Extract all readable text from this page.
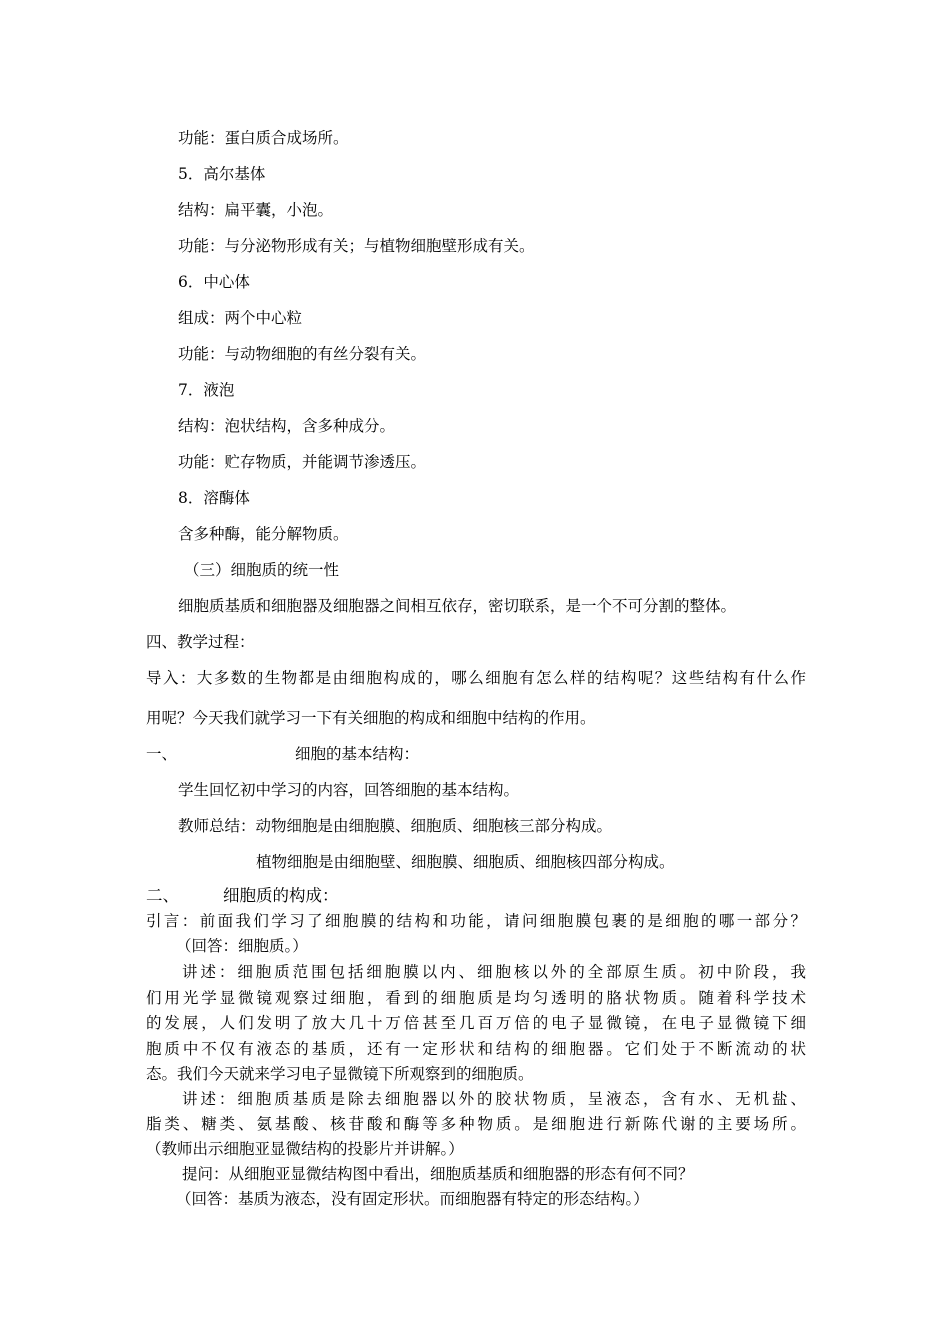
功能：蛋白质合成场所。
5．高尔基体
结构：扁平囊，小泡。
功能：与分泌物形成有关；与植物细胞壁形成有关。
6．中心体
组成：两个中心粒
功能：与动物细胞的有丝分裂有关。
7．液泡
结构：泡状结构，含多种成分。
功能：贮存物质，并能调节渗透压。
8．溶酶体
含多种酶，能分解物质。
（三）细胞质的统一性
细胞质基质和细胞器及细胞器之间相互依存，密切联系，是一个不可分割的整体。
四、教学过程：
导入：大多数的生物都是由细胞构成的，哪么细胞有怎么样的结构呢？这些结构有什么作
用呢？今天我们就学习一下有关细胞的构成和细胞中结构的作用。
一、	细胞的基本结构：
学生回忆初中学习的内容，回答细胞的基本结构。
教师总结：动物细胞是由细胞膜、细胞质、细胞核三部分构成。
植物细胞是由细胞壁、细胞膜、细胞质、细胞核四部分构成。
二、	细胞质的构成：
引言：前面我们学习了细胞膜的结构和功能，请问细胞膜包裹的是细胞的哪一部分？
（回答：细胞质。）
讲述：细胞质范围包括细胞膜以内、细胞核以外的全部原生质。初中阶段，我
们用光学显微镜观察过细胞，看到的细胞质是均匀透明的胳状物质。随着科学技术
的发展，人们发明了放大几十万倍甚至几百万倍的电子显微镜，在电子显微镜下细
胞质中不仅有液态的基质，还有一定形状和结构的细胞器。它们处于不断流动的状
态。我们今天就来学习电子显微镜下所观察到的细胞质。
讲述：细胞质基质是除去细胞器以外的胶状物质，呈液态，含有水、无机盐、
脂类、糖类、氨基酸、核苷酸和酶等多种物质。是细胞进行新陈代谢的主要场所。
（教师出示细胞亚显微结构的投影片并讲解。）
提问：从细胞亚显微结构图中看出，细胞质基质和细胞器的形态有何不同？
（回答：基质为液态，没有固定形状。而细胞器有特定的形态结构。）
